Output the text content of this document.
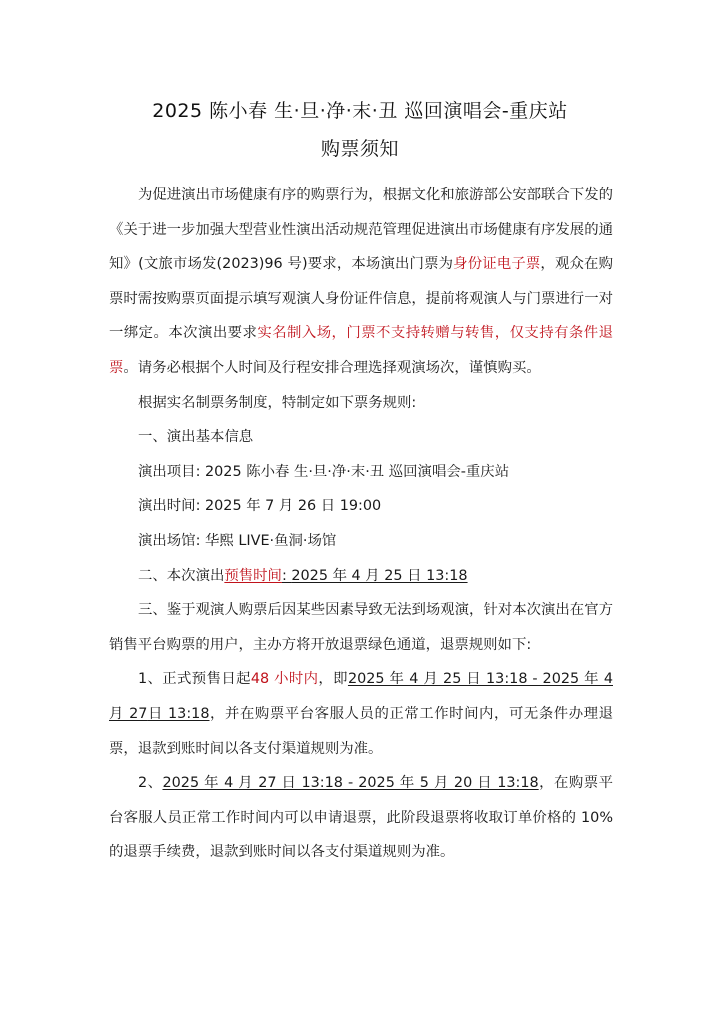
2025 陈小春 生·旦·净·末·丑 巡回演唱会-重庆站
购票须知

为促进演出市场健康有序的购票行为，根据文化和旅游部公安部联合下发的《关于进一步加强大型营业性演出活动规范管理促进演出市场健康有序发展的通知》(文旅市场发(2023)96 号)要求，本场演出门票为身份证电子票，观众在购票时需按购票页面提示填写观演人身份证件信息，提前将观演人与门票进行一对一绑定。本次演出要求实名制入场，门票不支持转赠与转售，仅支持有条件退票。请务必根据个人时间及行程安排合理选择观演场次，谨慎购买。

根据实名制票务制度，特制定如下票务规则:

一、演出基本信息

演出项目: 2025 陈小春 生·旦·净·末·丑 巡回演唱会-重庆站

演出时间: 2025 年 7 月 26 日 19:00

演出场馆: 华熙 LIVE·鱼洞·场馆

二、本次演出预售时间: 2025 年 4 月 25 日 13:18

三、鉴于观演人购票后因某些因素导致无法到场观演，针对本次演出在官方销售平台购票的用户，主办方将开放退票绿色通道，退票规则如下:

1、正式预售日起48 小时内，即2025 年 4 月 25 日 13:18 - 2025 年 4 月 27日 13:18，并在购票平台客服人员的正常工作时间内，可无条件办理退票，退款到账时间以各支付渠道规则为准。

2、2025 年 4 月 27 日 13:18 - 2025 年 5 月 20 日 13:18，在购票平台客服人员正常工作时间内可以申请退票，此阶段退票将收取订单价格的 10%的退票手续费，退款到账时间以各支付渠道规则为准。
